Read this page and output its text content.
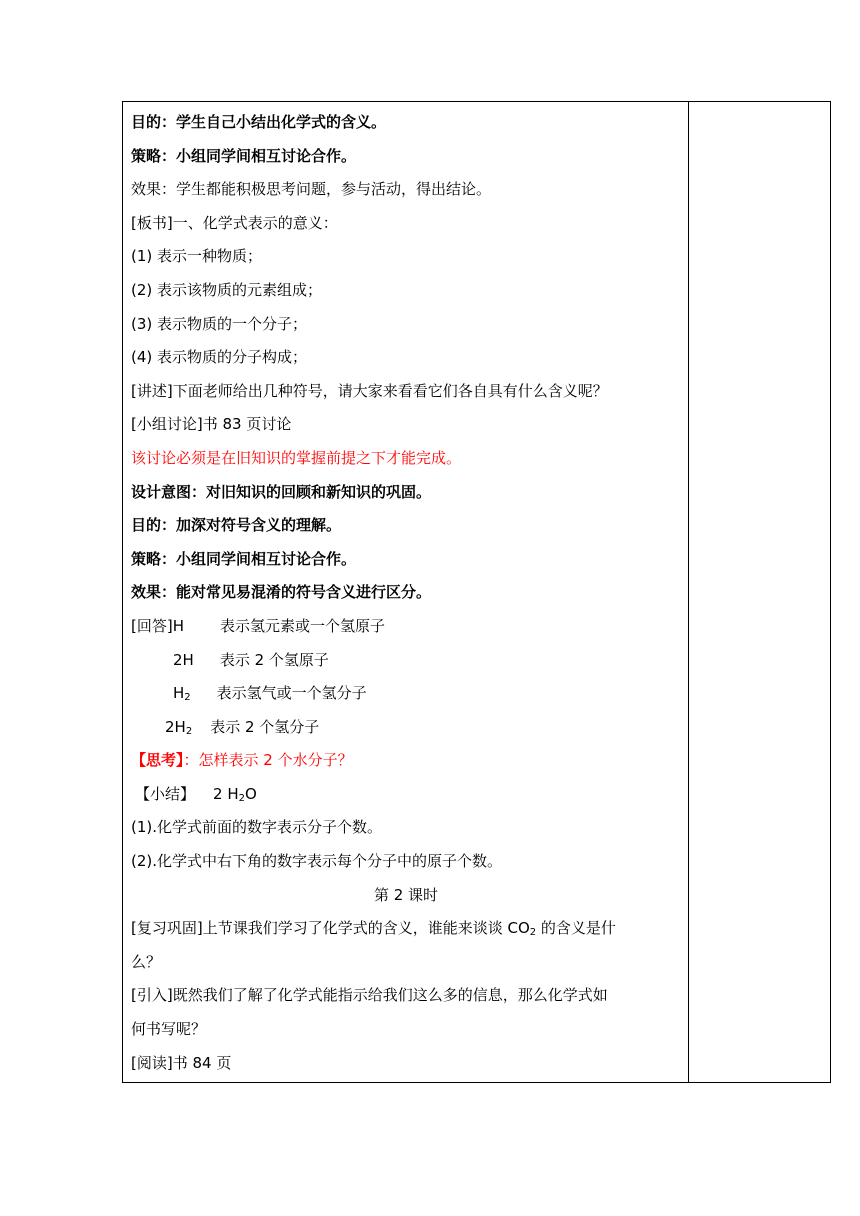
目的：学生自己小结出化学式的含义。
策略：小组同学间相互讨论合作。
效果：学生都能积极思考问题，参与活动，得出结论。
[板书]一、化学式表示的意义：
(1) 表示一种物质；
(2) 表示该物质的元素组成；
(3) 表示物质的一个分子；
(4) 表示物质的分子构成；
[讲述]下面老师给出几种符号，请大家来看看它们各自具有什么含义呢？
[小组讨论]书 83 页讨论
该讨论必须是在旧知识的掌握前提之下才能完成。
设计意图：对旧知识的回顾和新知识的巩固。
目的：加深对符号含义的理解。
策略：小组同学间相互讨论合作。
效果：能对常见易混淆的符号含义进行区分。
[回答]H 表示氢元素或一个氢原子
2H 表示 2 个氢原子
$H_2$ 表示氢气或一个氢分子
$2H_2$ 表示 2 个氢分子
【思考】：怎样表示 2 个水分子？
【小结】 2 $H_2O$
(1).化学式前面的数字表示分子个数。
(2).化学式中右下角的数字表示每个分子中的原子个数。
第 2 课时
[复习巩固]上节课我们学习了化学式的含义，谁能来谈谈 $CO_2$ 的含义是什
么？
[引入]既然我们了解了化学式能指示给我们这么多的信息，那么化学式如
何书写呢？
[阅读]书 84 页
